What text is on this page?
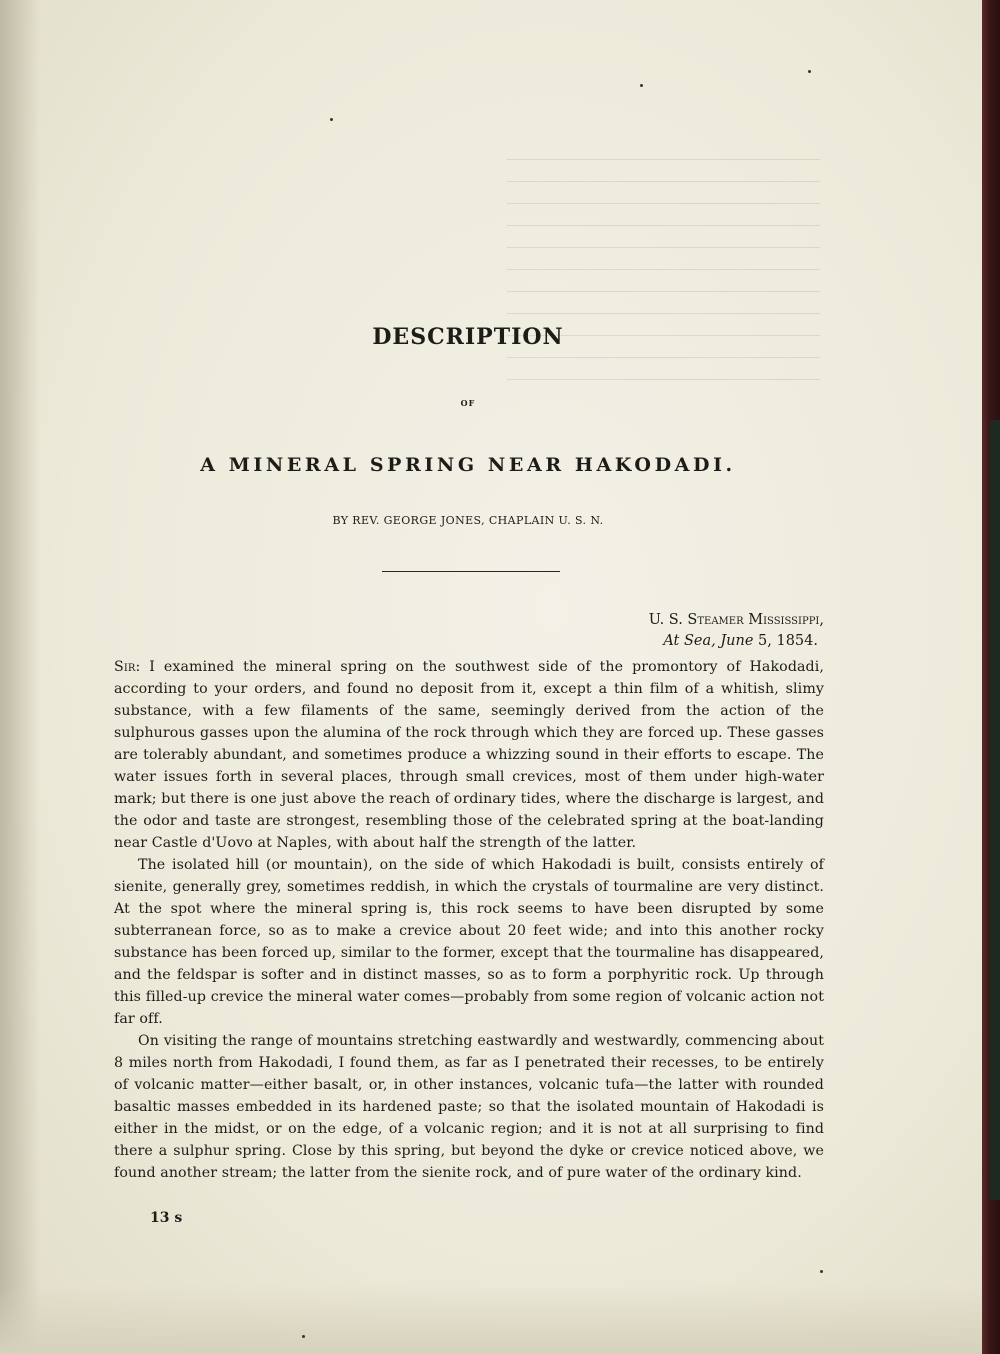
────────────────────────────────────────
────────────────────────────────────────
────────────────────────────────────────
────────────────────────────────────────
────────────────────────────────────────
────────────────────────────────────────
────────────────────────────────────────
────────────────────────────────────────
────────────────────────────────────────
────────────────────────────────────────
────────────────────────────────────────
DESCRIPTION
OF
A MINERAL SPRING NEAR HAKODADI.
BY REV. GEORGE JONES, CHAPLAIN U. S. N.
U. S. Steamer Mississippi,
At Sea, June 5, 1854.

Sir: I examined the mineral spring on the southwest side of the promontory of Hakodadi, according to your orders, and found no deposit from it, except a thin film of a whitish, slimy substance, with a few filaments of the same, seemingly derived from the action of the sulphurous gasses upon the alumina of the rock through which they are forced up. These gasses are tolerably abundant, and sometimes produce a whizzing sound in their efforts to escape. The water issues forth in several places, through small crevices, most of them under high-water mark; but there is one just above the reach of ordinary tides, where the discharge is largest, and the odor and taste are strongest, resembling those of the celebrated spring at the boat-landing near Castle d'Uovo at Naples, with about half the strength of the latter.

The isolated hill (or mountain), on the side of which Hakodadi is built, consists entirely of sienite, generally grey, sometimes reddish, in which the crystals of tourmaline are very distinct. At the spot where the mineral spring is, this rock seems to have been disrupted by some subterranean force, so as to make a crevice about 20 feet wide; and into this another rocky substance has been forced up, similar to the former, except that the tourmaline has disappeared, and the feldspar is softer and in distinct masses, so as to form a porphyritic rock. Up through this filled-up crevice the mineral water comes—probably from some region of volcanic action not far off.

On visiting the range of mountains stretching eastwardly and westwardly, commencing about 8 miles north from Hakodadi, I found them, as far as I penetrated their recesses, to be entirely of volcanic matter—either basalt, or, in other instances, volcanic tufa—the latter with rounded basaltic masses embedded in its hardened paste; so that the isolated mountain of Hakodadi is either in the midst, or on the edge, of a volcanic region; and it is not at all surprising to find there a sulphur spring. Close by this spring, but beyond the dyke or crevice noticed above, we found another stream; the latter from the sienite rock, and of pure water of the ordinary kind.

13 s
